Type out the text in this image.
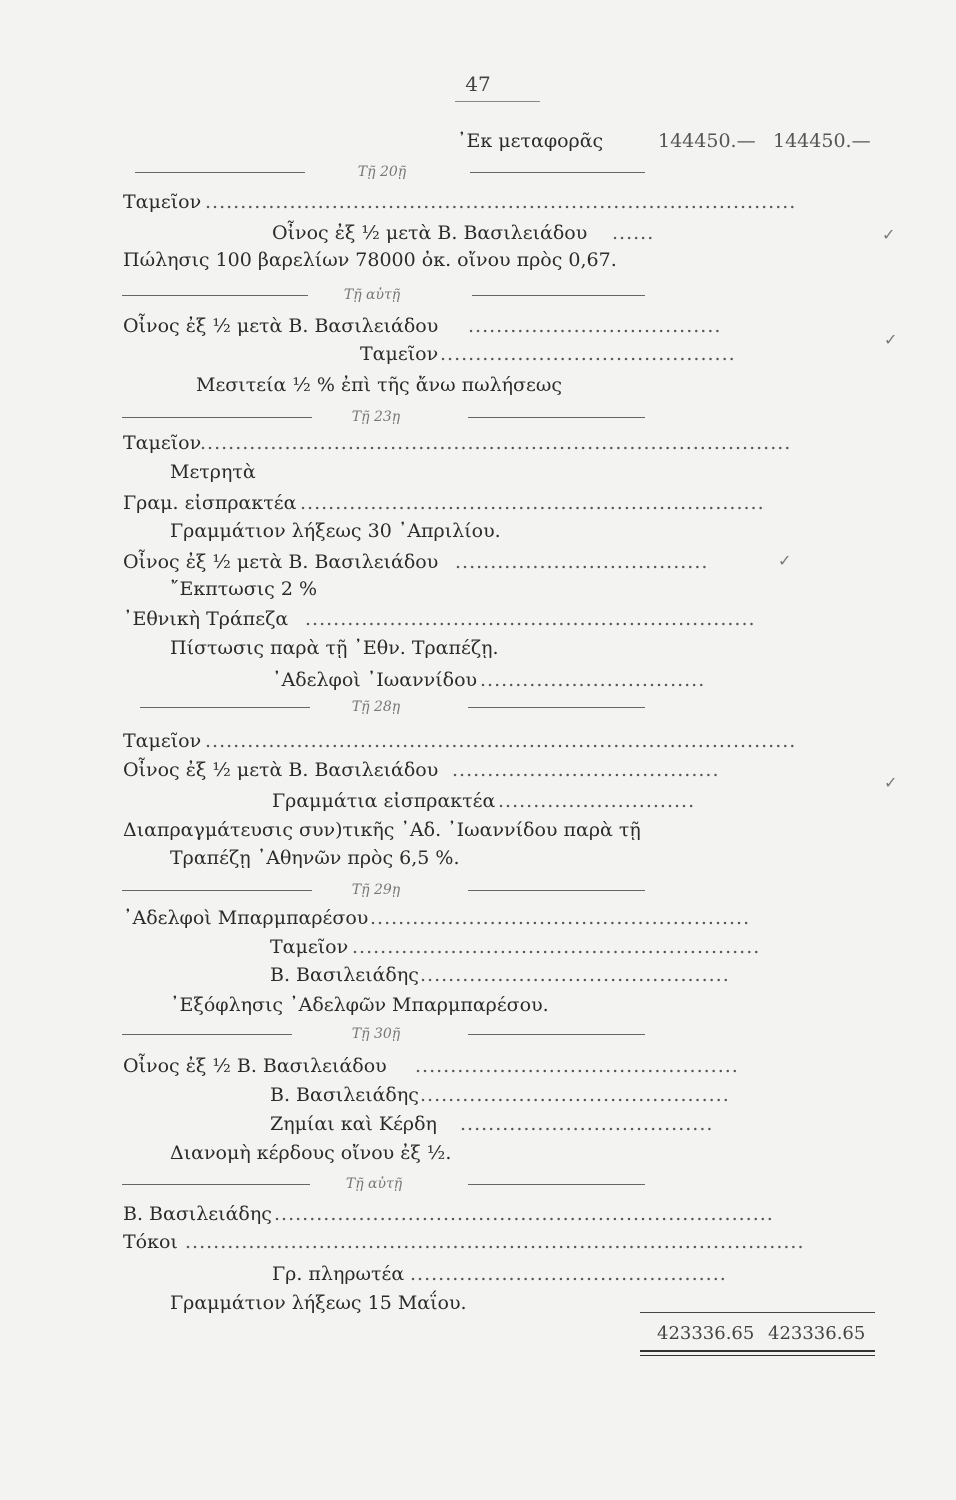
47
᾿Εκ μεταφορᾶς	144450.— 144450.—
Τῇ 20ῇ
Ταμεῖον ....................................................................................
Οἶνος ἐξ ½ μετὰ Β. Βασιλειάδου ......	✓
Πώλησις 100 βαρελίων 78000 ὀκ. οἴνου πρὸς 0,67.
Τῇ αὐτῇ
Οἶνος ἐξ ½ μετὰ Β. Βασιλειάδου ....................................
Ταμεῖον ..........................................
✓
Μεσιτεία ½ % ἐπὶ τῆς ἄνω πωλήσεως
Τῇ 23ῃ
Ταμεῖον
....................................................................................
Μετρητὰ
Γραμ. εἰσπρακτέα ..................................................................
Γραμμάτιον λήξεως 30 ᾿Απριλίου.
Οἶνος ἐξ ½ μετὰ Β. Βασιλειάδου ....................................	✓
῎Εκπτωσις 2 %
᾿Εθνικὴ Τράπεζα ................................................................
Πίστωσις παρὰ τῇ ᾿Εθν. Τραπέζῃ.
᾿Αδελφοὶ ᾿Ιωαννίδου ................................
Τῇ 28ῃ
Ταμεῖον ....................................................................................
Οἶνος ἐξ ½ μετὰ Β. Βασιλειάδου ......................................
Γραμμάτια εἰσπρακτέα ............................
✓
Διαπραγμάτευσις συν)τικῆς ᾿Αδ. ᾿Ιωαννίδου παρὰ τῇ
Τραπέζῃ ᾿Αθηνῶν πρὸς 6,5 %.
Τῇ 29ῃ
᾿Αδελφοὶ Μπαρμπαρέσου ......................................................
Ταμεῖον ..........................................................
Β. Βασιλειάδης ............................................
᾿Εξόφλησις ᾿Αδελφῶν Μπαρμπαρέσου.
Τῇ 30ῇ
Οἶνος ἐξ ½ Β. Βασιλειάδου ..............................................
Β. Βασιλειάδης ............................................
Ζημίαι καὶ Κέρδη ....................................
Διανομὴ κέρδους οἴνου ἐξ ½.
Τῇ αὐτῇ
Β. Βασιλειάδης .......................................................................
Τόκοι ........................................................................................
Γρ. πληρωτέα .............................................
Γραμμάτιον λήξεως 15 Μαΐου.
423336.65 423336.65
